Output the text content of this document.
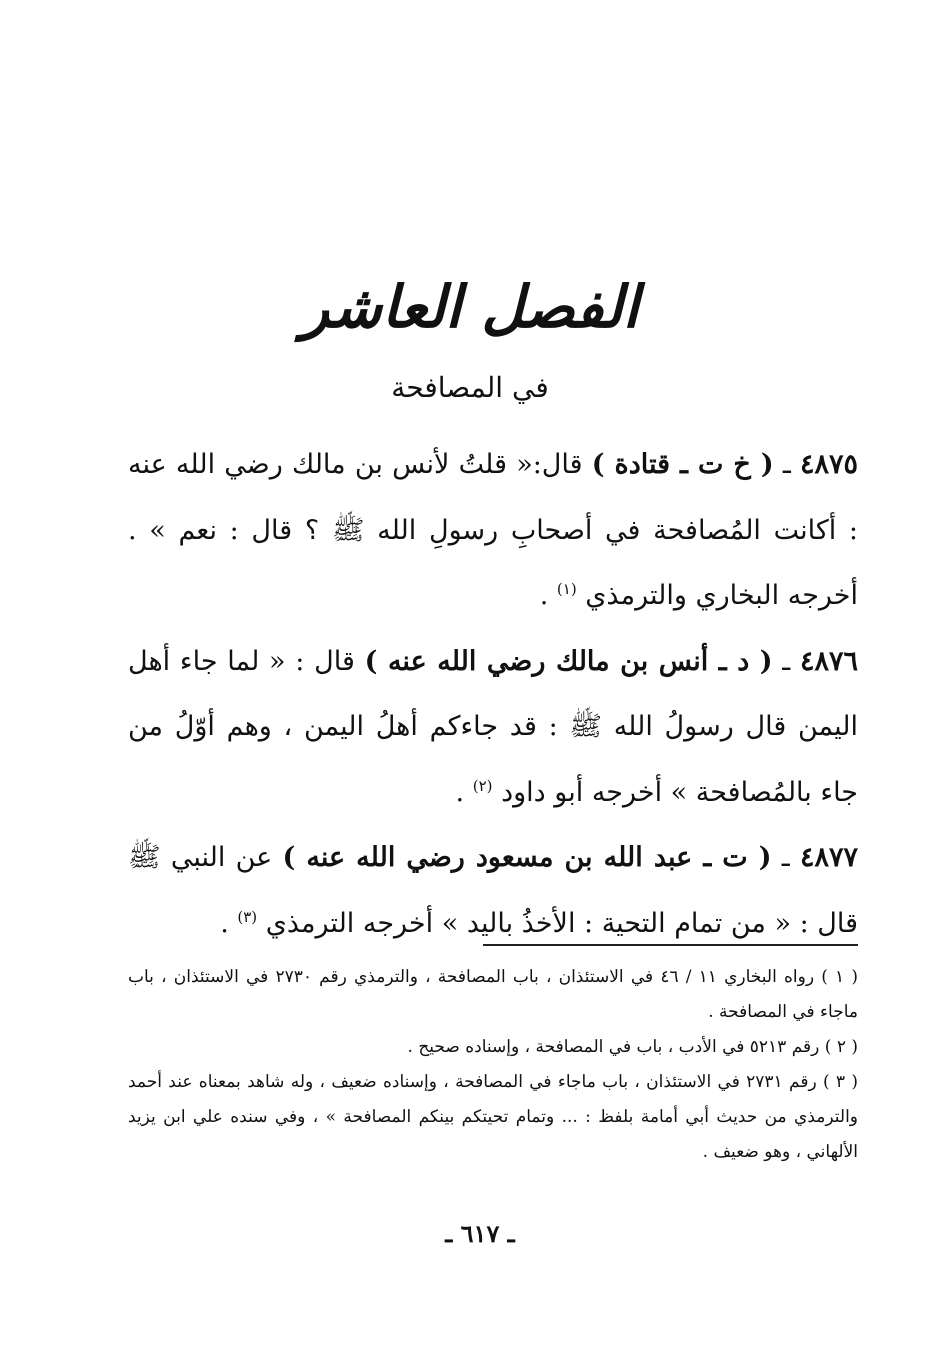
الفصل العاشر
في المصافحة

٤٨٧٥ ـ ( خ ت ـ قتادة ) قال:« قلتُ لأنس بن مالك رضي الله عنه : أكانت المُصافحة في أصحابِ رسولِ الله ﷺ ؟ قال : نعم » . أخرجه البخاري والترمذي $^{(١)}$ .

٤٨٧٦ ـ ( د ـ أنس بن مالك رضي الله عنه ) قال : « لما جاء أهل اليمن قال رسولُ الله ﷺ : قد جاءكم أهلُ اليمن ، وهم أوّلُ من جاء بالمُصافحة » أخرجه أبو داود $^{(٢)}$ .

٤٨٧٧ ـ ( ت ـ عبد الله بن مسعود رضي الله عنه ) عن النبي ﷺ قال : « من تمام التحية : الأخذُ باليد » أخرجه الترمذي $^{(٣)}$ .

( ١ ) رواه البخاري ١١ / ٤٦ في الاستئذان ، باب المصافحة ، والترمذي رقم ٢٧٣٠ في الاستئذان ، باب ماجاء في المصافحة .

( ٢ ) رقم ٥٢١٣ في الأدب ، باب في المصافحة ، وإسناده صحيح .

( ٣ ) رقم ٢٧٣١ في الاستئذان ، باب ماجاء في المصافحة ، وإسناده ضعيف ، وله شاهد بمعناه عند أحمد والترمذي من حديث أبي أمامة بلفظ : ... وتمام تحيتكم بينكم المصافحة » ، وفي سنده علي ابن يزيد الألهاني ، وهو ضعيف .

ـ ٦١٧ ـ
